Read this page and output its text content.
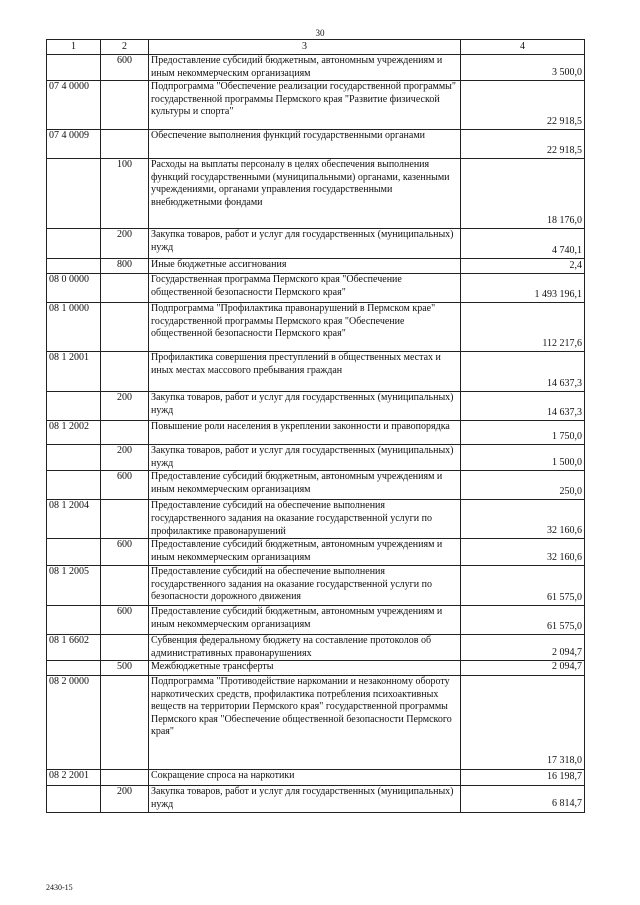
30
1	2	3	4
	600	Предоставление субсидий бюджетным, автономным учреждениям и иным некоммерческим организациям	3 500,0
07 4 0000		Подпрограмма "Обеспечение реализации государственной программы" государственной программы Пермского края "Развитие физической культуры и спорта"	22 918,5
07 4 0009		Обеспечение выполнения функций государственными органами	22 918,5
	100	Расходы на выплаты персоналу в целях обеспечения выполнения функций государственными (муниципальными) органами, казенными учреждениями, органами управления государственными внебюджетными фондами	18 176,0
	200	Закупка товаров, работ и услуг для государственных (муниципальных) нужд	4 740,1
	800	Иные бюджетные ассигнования	2,4
08 0 0000		Государственная программа Пермского края "Обеспечение общественной безопасности Пермского края"	1 493 196,1
08 1 0000		Подпрограмма "Профилактика правонарушений в Пермском крае" государственной программы Пермского края "Обеспечение общественной безопасности Пермского края"	112 217,6
08 1 2001		Профилактика совершения преступлений в общественных местах и иных местах массового пребывания граждан	14 637,3
	200	Закупка товаров, работ и услуг для государственных (муниципальных) нужд	14 637,3
08 1 2002		Повышение роли населения в укреплении законности и правопорядка	1 750,0
	200	Закупка товаров, работ и услуг для государственных (муниципальных) нужд	1 500,0
	600	Предоставление субсидий бюджетным, автономным учреждениям и иным некоммерческим организациям	250,0
08 1 2004		Предоставление субсидий на обеспечение выполнения государственного задания на оказание государственной услуги по профилактике правонарушений	32 160,6
	600	Предоставление субсидий бюджетным, автономным учреждениям и иным некоммерческим организациям	32 160,6
08 1 2005		Предоставление субсидий на обеспечение выполнения государственного задания на оказание государственной услуги по безопасности дорожного движения	61 575,0
	600	Предоставление субсидий бюджетным, автономным учреждениям и иным некоммерческим организациям	61 575,0
08 1 6602		Субвенция федеральному бюджету на составление протоколов об административных правонарушениях	2 094,7
	500	Межбюджетные трансферты	2 094,7
08 2 0000		Подпрограмма "Противодействие наркомании и незаконному обороту наркотических средств, профилактика потребления психоактивных веществ на территории Пермского края" государственной программы Пермского края "Обеспечение общественной безопасности Пермского края"	17 318,0
08 2 2001		Сокращение спроса на наркотики	16 198,7
	200	Закупка товаров, работ и услуг для государственных (муниципальных) нужд	6 814,7
2430-15
